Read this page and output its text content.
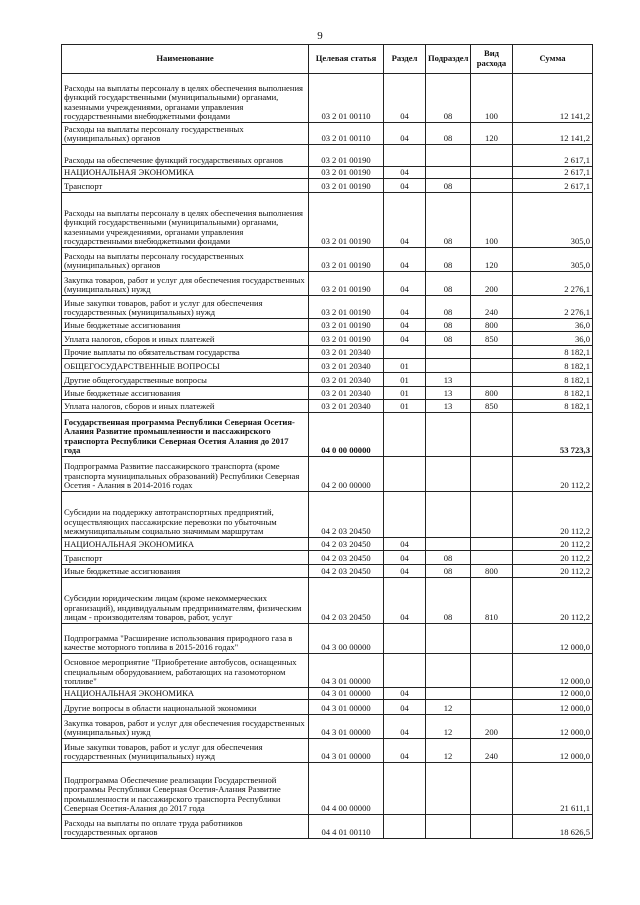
9
Наименование	Целевая статья	Раздел	Подраздел	Вид расхода	Сумма
Расходы на выплаты персоналу в целях обеспечения выполнения функций государственными (муниципальными) органами, казенными учреждениями, органами управления государственными внебюджетными фондами	03 2 01 00110	04	08	100	12 141,2
Расходы на выплаты персоналу государственных (муниципальных) органов	03 2 01 00110	04	08	120	12 141,2
Расходы на обеспечение функций государственных органов	03 2 01 00190				2 617,1
НАЦИОНАЛЬНАЯ ЭКОНОМИКА	03 2 01 00190	04			2 617,1
Транспорт	03 2 01 00190	04	08		2 617,1
Расходы на выплаты персоналу в целях обеспечения выполнения функций государственными (муниципальными) органами, казенными учреждениями, органами управления государственными внебюджетными фондами	03 2 01 00190	04	08	100	305,0
Расходы на выплаты персоналу государственных (муниципальных) органов	03 2 01 00190	04	08	120	305,0
Закупка товаров, работ и услуг для обеспечения государственных (муниципальных) нужд	03 2 01 00190	04	08	200	2 276,1
Иные закупки товаров, работ и услуг для обеспечения государственных (муниципальных) нужд	03 2 01 00190	04	08	240	2 276,1
Иные бюджетные ассигнования	03 2 01 00190	04	08	800	36,0
Уплата налогов, сборов и иных платежей	03 2 01 00190	04	08	850	36,0
Прочие выплаты по обязательствам государства	03 2 01 20340				8 182,1
ОБЩЕГОСУДАРСТВЕННЫЕ ВОПРОСЫ	03 2 01 20340	01			8 182,1
Другие общегосударственные вопросы	03 2 01 20340	01	13		8 182,1
Иные бюджетные ассигнования	03 2 01 20340	01	13	800	8 182,1
Уплата налогов, сборов и иных платежей	03 2 01 20340	01	13	850	8 182,1
Государственная программа Республики Северная Осетия-Алания Развитие промышленности и пассажирского транспорта Республики Северная Осетия Алания до 2017 года	04 0 00 00000				53 723,3
Подпрограмма Развитие пассажирского транспорта (кроме транспорта муниципальных образований) Республики Северная Осетия - Алания в 2014-2016 годах	04 2 00 00000				20 112,2
Субсидии на поддержку автотранспортных предприятий, осуществляющих пассажирские перевозки по убыточным межмуниципальным социально значимым маршрутам	04 2 03 20450				20 112,2
НАЦИОНАЛЬНАЯ ЭКОНОМИКА	04 2 03 20450	04			20 112,2
Транспорт	04 2 03 20450	04	08		20 112,2
Иные бюджетные ассигнования	04 2 03 20450	04	08	800	20 112,2
Субсидии юридическим лицам (кроме некоммерческих организаций), индивидуальным предпринимателям, физическим лицам - производителям товаров, работ, услуг	04 2 03 20450	04	08	810	20 112,2
Подпрограмма "Расширение использования природного газа в качестве моторного топлива в 2015-2016 годах"	04 3 00 00000				12 000,0
Основное мероприятие "Приобретение автобусов, оснащенных специальным оборудованием, работающих на газомоторном топливе"	04 3 01 00000				12 000,0
НАЦИОНАЛЬНАЯ ЭКОНОМИКА	04 3 01 00000	04			12 000,0
Другие вопросы в области национальной экономики	04 3 01 00000	04	12		12 000,0
Закупка товаров, работ и услуг для обеспечения государственных (муниципальных) нужд	04 3 01 00000	04	12	200	12 000,0
Иные закупки товаров, работ и услуг для обеспечения государственных (муниципальных) нужд	04 3 01 00000	04	12	240	12 000,0
Подпрограмма Обеспечение реализации Государственной программы Республики Северная Осетия-Алания Развитие промышленности и пассажирского транспорта Республики Северная Осетия-Алания до 2017 года	04 4 00 00000				21 611,1
Расходы на выплаты по оплате труда работников государственных органов	04 4 01 00110				18 626,5
